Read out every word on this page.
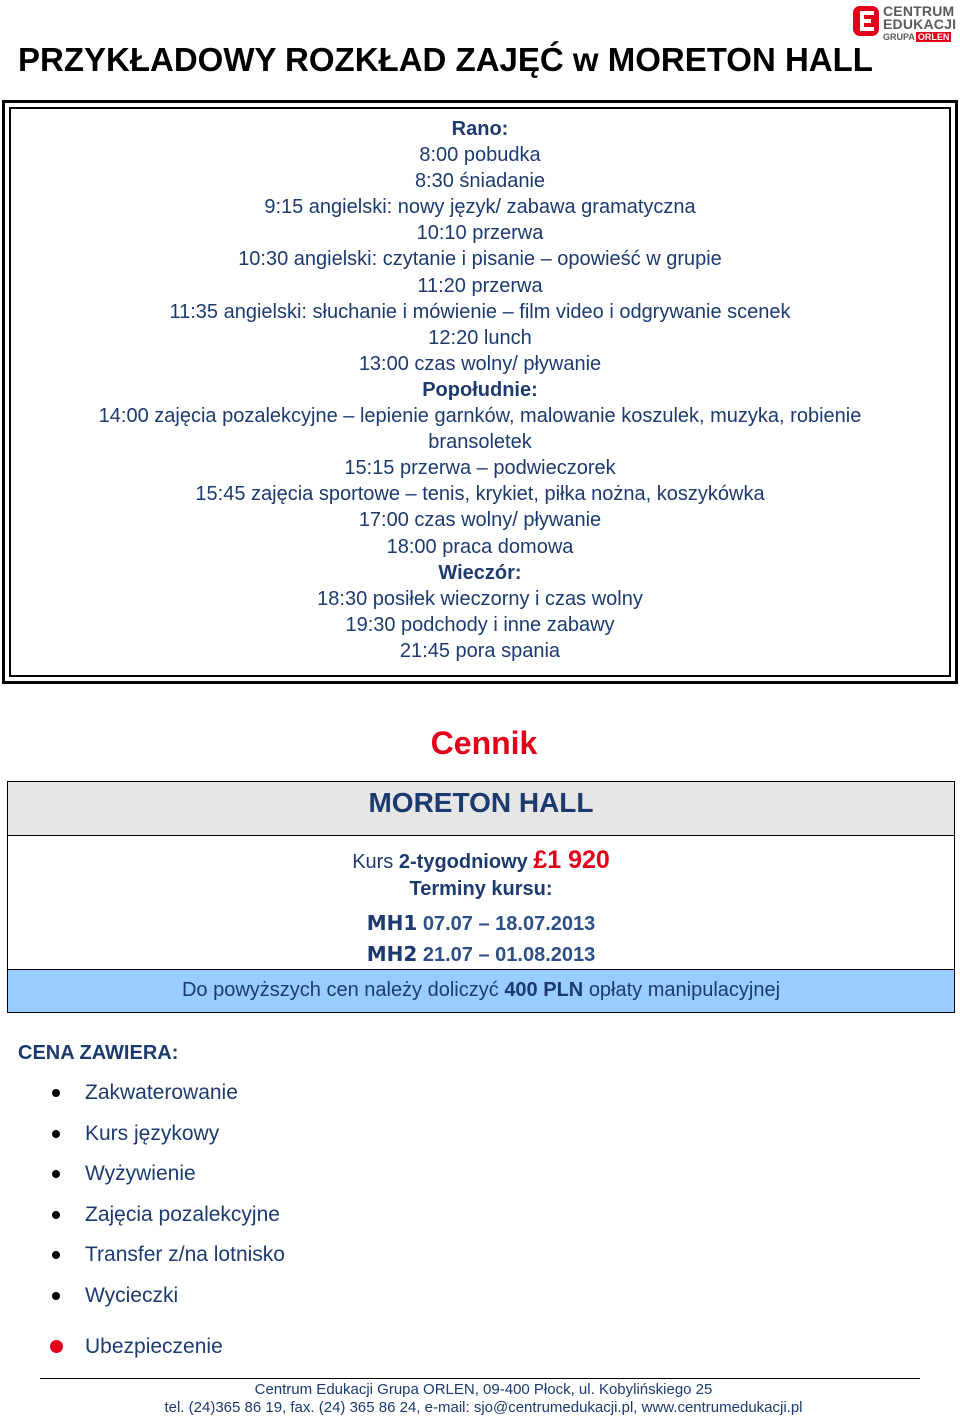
CENTRUM
EDUKACJI
GRUPA ORLEN
PRZYKŁADOWY ROZKŁAD ZAJĘĆ w MORETON HALL
Rano:
8:00 pobudka
8:30 śniadanie
9:15 angielski: nowy język/ zabawa gramatyczna
10:10 przerwa
10:30 angielski: czytanie i pisanie – opowieść w grupie
11:20 przerwa
11:35 angielski: słuchanie i mówienie – film video i odgrywanie scenek
12:20 lunch
13:00 czas wolny/ pływanie
Popołudnie:
14:00 zajęcia pozalekcyjne – lepienie garnków, malowanie koszulek, muzyka, robienie
bransoletek
15:15 przerwa – podwieczorek
15:45 zajęcia sportowe – tenis, krykiet, piłka nożna, koszykówka
17:00 czas wolny/ pływanie
18:00 praca domowa
Wieczór:
18:30 posiłek wieczorny i czas wolny
19:30 podchody i inne zabawy
21:45 pora spania
Cennik
MORETON HALL
Kurs 2-tygodniowy £1 920
Terminy kursu:
MH1 07.07 – 18.07.2013
MH2 21.07 – 01.08.2013
Do powyższych cen należy doliczyć 400 PLN opłaty manipulacyjnej
CENA ZAWIERA:
Zakwaterowanie
Kurs językowy
Wyżywienie
Zajęcia pozalekcyjne
Transfer z/na lotnisko
Wycieczki
Ubezpieczenie
Centrum Edukacji Grupa ORLEN, 09-400 Płock, ul. Kobylińskiego 25
tel. (24)365 86 19, fax. (24) 365 86 24, e-mail: sjo@centrumedukacji.pl, www.centrumedukacji.pl
